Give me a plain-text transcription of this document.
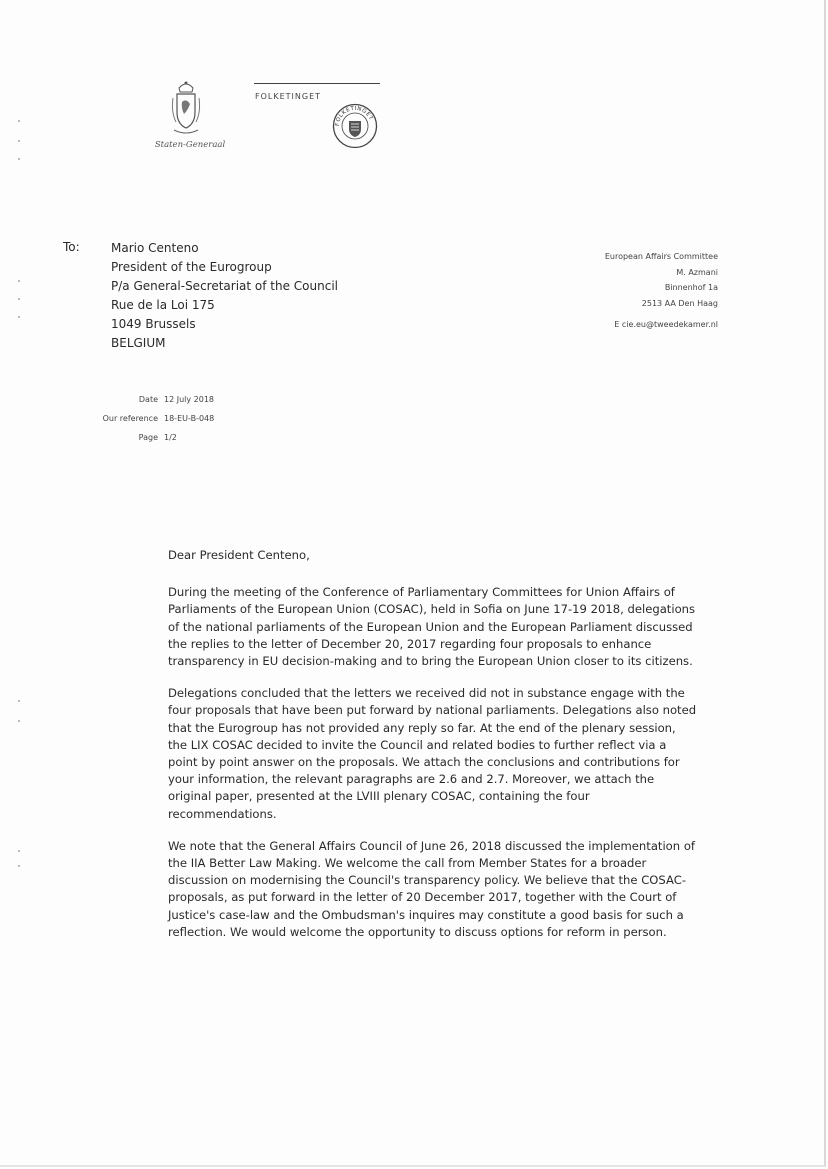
Staten-Generaal
FOLKETINGET
FOLKETINGET
To:	Mario Centeno
President of the Eurogroup
P/a General-Secretariat of the Council
Rue de la Loi 175
1049 Brussels
BELGIUM
European Affairs Committee
M. Azmani
Binnenhof 1a
2513 AA Den Haag
E cie.eu@tweedekamer.nl
Date 12 July 2018
Our reference 18-EU-B-048
Page 1/2

Dear President Centeno,

During the meeting of the Conference of Parliamentary Committees for Union Affairs of Parliaments of the European Union (COSAC), held in Sofia on June 17-19 2018, delegations of the national parliaments of the European Union and the European Parliament discussed the replies to the letter of December 20, 2017 regarding four proposals to enhance transparency in EU decision-making and to bring the European Union closer to its citizens.

Delegations concluded that the letters we received did not in substance engage with the four proposals that have been put forward by national parliaments. Delegations also noted that the Eurogroup has not provided any reply so far. At the end of the plenary session, the LIX COSAC decided to invite the Council and related bodies to further reflect via a point by point answer on the proposals. We attach the conclusions and contributions for your information, the relevant paragraphs are 2.6 and 2.7. Moreover, we attach the original paper, presented at the LVIII plenary COSAC, containing the four recommendations.

We note that the General Affairs Council of June 26, 2018 discussed the implementation of the IIA Better Law Making. We welcome the call from Member States for a broader discussion on modernising the Council's transparency policy. We believe that the COSAC-proposals, as put forward in the letter of 20 December 2017, together with the Court of Justice's case-law and the Ombudsman's inquires may constitute a good basis for such a reflection. We would welcome the opportunity to discuss options for reform in person.
